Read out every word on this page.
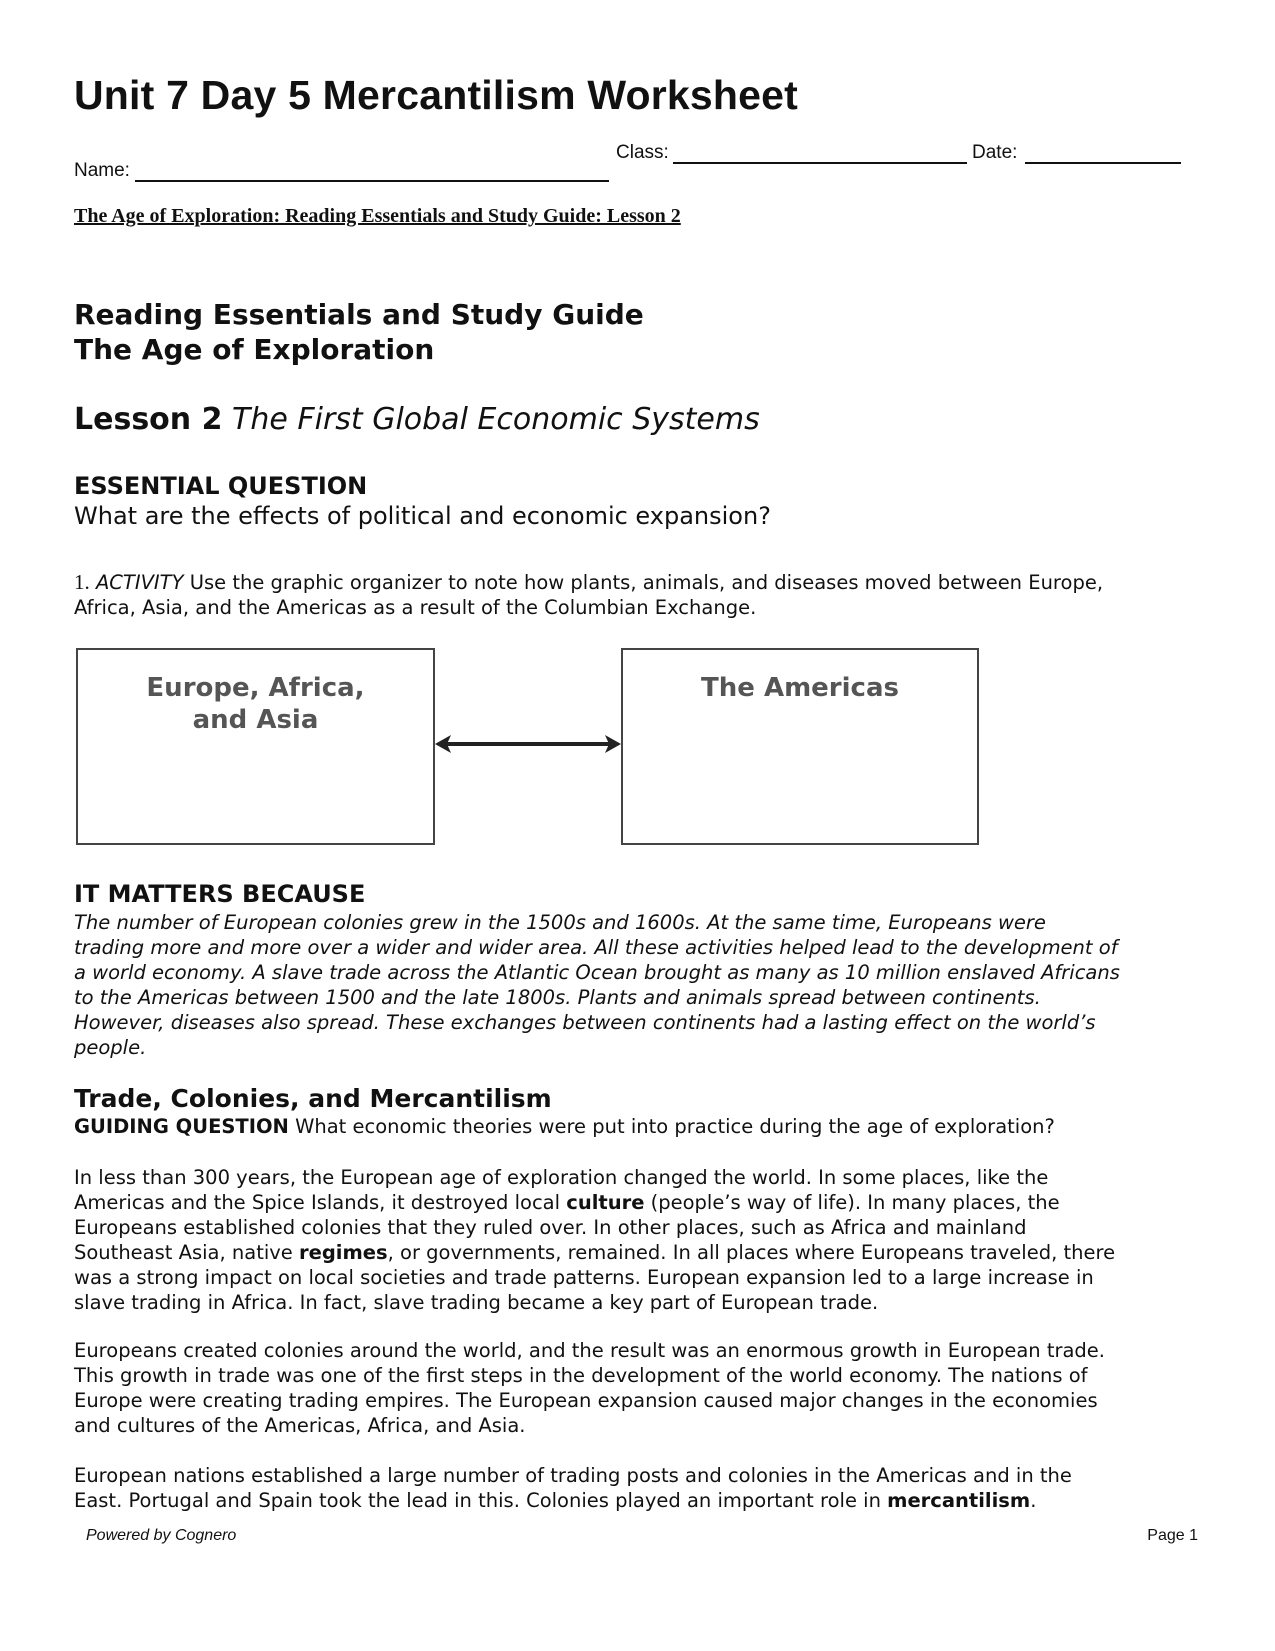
Unit 7 Day 5 Mercantilism Worksheet
Name:
Class:	Date:
The Age of Exploration: Reading Essentials and Study Guide: Lesson 2
Reading Essentials and Study Guide
The Age of Exploration
Lesson 2 The First Global Economic Systems
ESSENTIAL QUESTION
What are the effects of political and economic expansion?
1. ACTIVITY Use the graphic organizer to note how plants, animals, and diseases moved between Europe,
Africa, Asia, and the Americas as a result of the Columbian Exchange.
Europe, Africa,
and Asia
The Americas
IT MATTERS BECAUSE
The number of European colonies grew in the 1500s and 1600s. At the same time, Europeans were
trading more and more over a wider and wider area. All these activities helped lead to the development of
a world economy. A slave trade across the Atlantic Ocean brought as many as 10 million enslaved Africans
to the Americas between 1500 and the late 1800s. Plants and animals spread between continents.
However, diseases also spread. These exchanges between continents had a lasting effect on the world’s
people.
Trade, Colonies, and Mercantilism
GUIDING QUESTION What economic theories were put into practice during the age of exploration?
In less than 300 years, the European age of exploration changed the world. In some places, like the
Americas and the Spice Islands, it destroyed local culture (people’s way of life). In many places, the
Europeans established colonies that they ruled over. In other places, such as Africa and mainland
Southeast Asia, native regimes, or governments, remained. In all places where Europeans traveled, there
was a strong impact on local societies and trade patterns. European expansion led to a large increase in
slave trading in Africa. In fact, slave trading became a key part of European trade.
Europeans created colonies around the world, and the result was an enormous growth in European trade.
This growth in trade was one of the first steps in the development of the world economy. The nations of
Europe were creating trading empires. The European expansion caused major changes in the economies
and cultures of the Americas, Africa, and Asia.
European nations established a large number of trading posts and colonies in the Americas and in the
East. Portugal and Spain took the lead in this. Colonies played an important role in mercantilism.
Powered by Cognero	Page 1
